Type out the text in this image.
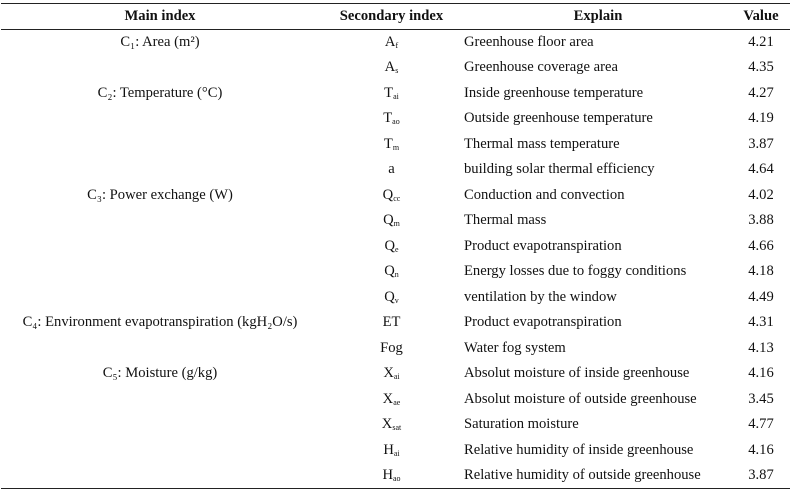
Main index	Secondary index	Explain	Value
C₁: Area (m²)	$A_f$	Greenhouse floor area	4.21
	$A_s$	Greenhouse coverage area	4.35
C₂: Temperature (°C)	$T_{ai}$	Inside greenhouse temperature	4.27
	$T_{ao}$	Outside greenhouse temperature	4.19
	$T_m$	Thermal mass temperature	3.87
	a	building solar thermal efficiency	4.64
C₃: Power exchange (W)	$Q_{cc}$	Conduction and convection	4.02
	$Q_m$	Thermal mass	3.88
	$Q_e$	Product evapotranspiration	4.66
	$Q_n$	Energy losses due to foggy conditions	4.18
	$Q_v$	ventilation by the window	4.49
C₄: Environment evapotranspiration (kgH₂O/s)	ET	Product evapotranspiration	4.31
	Fog	Water fog system	4.13
C₅: Moisture (g/kg)	$X_{ai}$	Absolut moisture of inside greenhouse	4.16
	$X_{ae}$	Absolut moisture of outside greenhouse	3.45
	$X_{sat}$	Saturation moisture	4.77
	$H_{ai}$	Relative humidity of inside greenhouse	4.16
	$H_{ao}$	Relative humidity of outside greenhouse	3.87
